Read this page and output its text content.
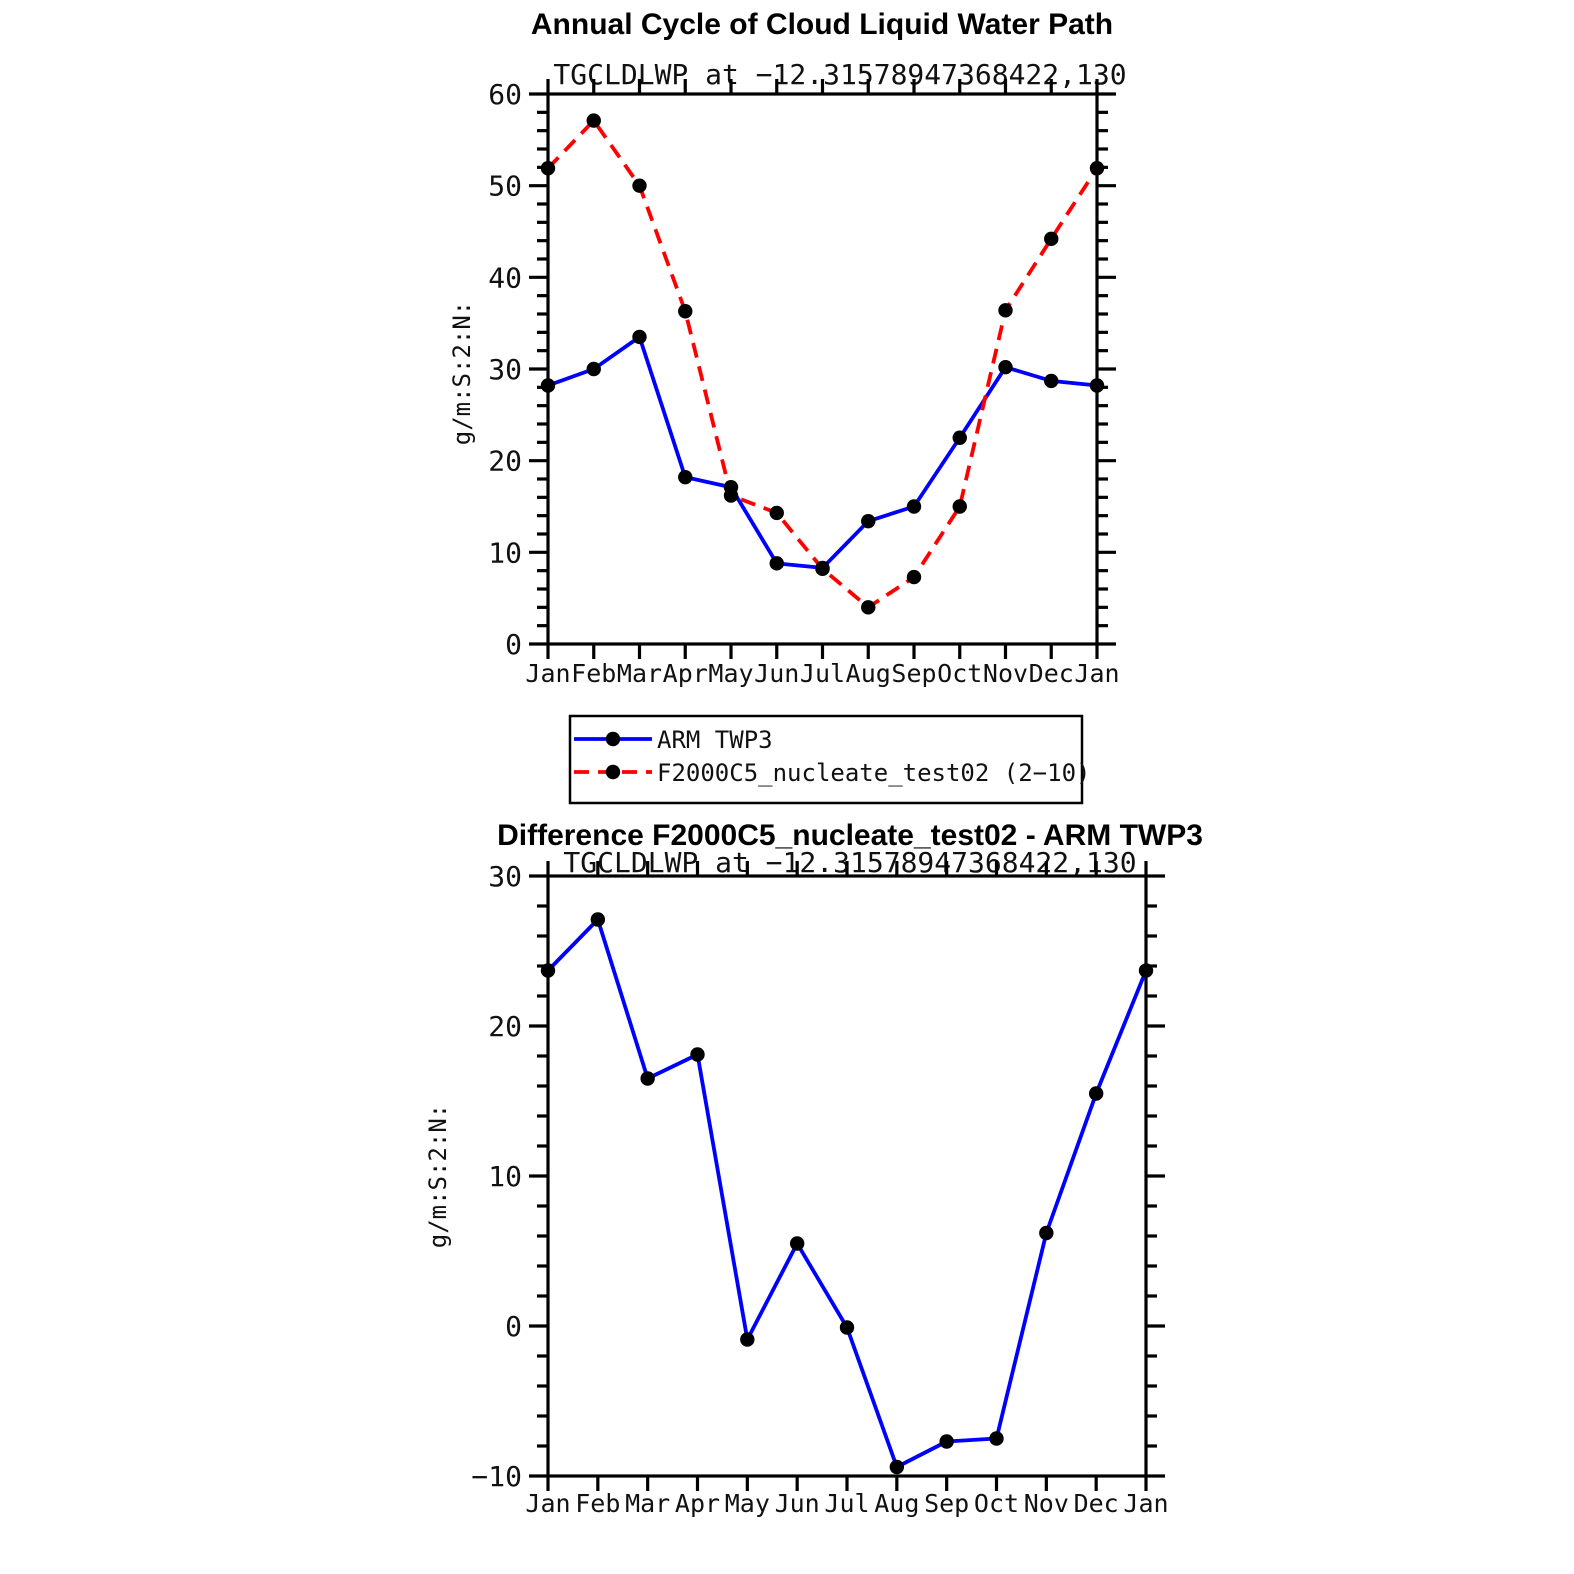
Annual Cycle of Cloud Liquid Water Path
TGCLDLWP at −12.31578947368422,130
g/m:S:2:N:
0
10
20
30
40
50
60
Jan Feb Mar Apr May Jun Jul Aug Sep Oct Nov Dec Jan
ARM TWP3
F2000C5_nucleate_test02 (2−10)
Difference F2000C5_nucleate_test02 - ARM TWP3
TGCLDLWP at −12.31578947368422,130
g/m:S:2:N:
−10
0
10
20
30
Jan Feb Mar Apr May Jun Jul Aug Sep Oct Nov Dec Jan
